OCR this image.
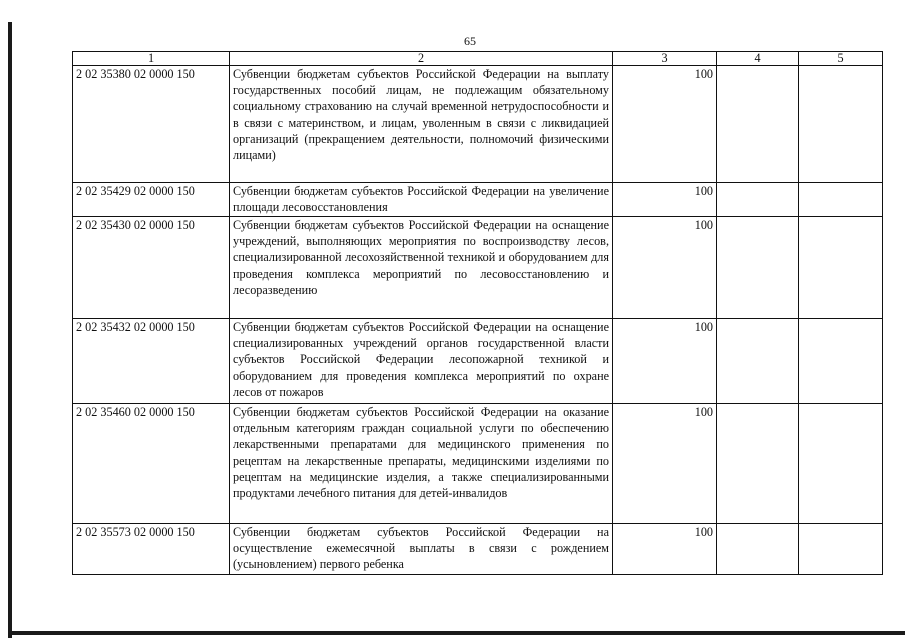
65
1	2	3	4	5
2 02 35380 02 0000 150	Субвенции бюджетам субъектов Российской Федерации на выплату государственных пособий лицам, не подлежащим обязательному социальному страхованию на случай временной нетрудоспособности и в связи с материнством, и лицам, уволенным в связи с ликвидацией организаций (прекращением деятельности, полномочий физическими лицами)	100		
2 02 35429 02 0000 150	Субвенции бюджетам субъектов Российской Федерации на увеличение площади лесовосстановления	100		
2 02 35430 02 0000 150	Субвенции бюджетам субъектов Российской Федерации на оснащение учреждений, выполняющих мероприятия по воспроизводству лесов, специализированной лесохозяйственной техникой и оборудованием для проведения комплекса мероприятий по лесовосстановлению и лесоразведению	100		
2 02 35432 02 0000 150	Субвенции бюджетам субъектов Российской Федерации на оснащение специализированных учреждений органов государственной власти субъектов Российской Федерации лесопожарной техникой и оборудованием для проведения комплекса мероприятий по охране лесов от пожаров	100		
2 02 35460 02 0000 150	Субвенции бюджетам субъектов Российской Федерации на оказание отдельным категориям граждан социальной услуги по обеспечению лекарственными препаратами для медицинского применения по рецептам на лекарственные препараты, медицинскими изделиями по рецептам на медицинские изделия, а также специализированными продуктами лечебного питания для детей-инвалидов	100		
2 02 35573 02 0000 150	Субвенции бюджетам субъектов Российской Федерации на осуществление ежемесячной выплаты в связи с рождением (усыновлением) первого ребенка	100		
